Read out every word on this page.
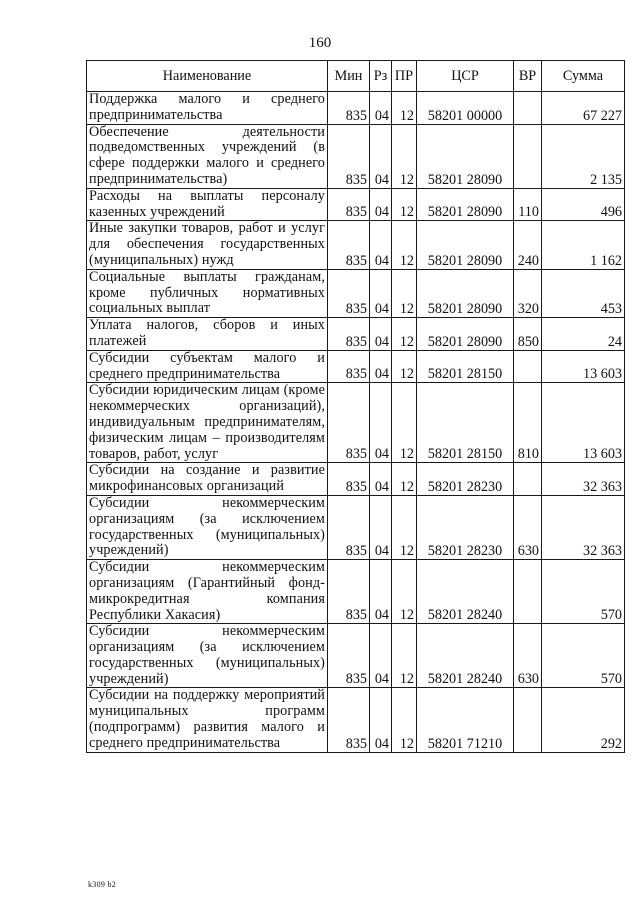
160
Наименование	Мин	Рз	ПР	ЦСР	ВР	Сумма
Поддержка малого и среднего предпринимательства	835	04	12	58201 00000		67 227
Обеспечение деятельности подведомственных учреждений (в сфере поддержки малого и среднего предпринимательства)	835	04	12	58201 28090		2 135
Расходы на выплаты персоналу казенных учреждений	835	04	12	58201 28090	110	496
Иные закупки товаров, работ и услуг для обеспечения государственных (муниципальных) нужд	835	04	12	58201 28090	240	1 162
Социальные выплаты гражданам, кроме публичных нормативных социальных выплат	835	04	12	58201 28090	320	453
Уплата налогов, сборов и иных платежей	835	04	12	58201 28090	850	24
Субсидии субъектам малого и среднего предпринимательства	835	04	12	58201 28150		13 603
Субсидии юридическим лицам (кроме некоммерческих организаций), индивидуальным предпринимателям, физическим лицам – производителям товаров, работ, услуг	835	04	12	58201 28150	810	13 603
Субсидии на создание и развитие микрофинансовых организаций	835	04	12	58201 28230		32 363
Субсидии некоммерческим организациям (за исключением государственных (муниципальных) учреждений)	835	04	12	58201 28230	630	32 363
Субсидии некоммерческим организациям (Гарантийный фонд-микрокредитная компания Республики Хакасия)	835	04	12	58201 28240		570
Субсидии некоммерческим организациям (за исключением государственных (муниципальных) учреждений)	835	04	12	58201 28240	630	570
Субсидии на поддержку мероприятий муниципальных программ (подпрограмм) развития малого и среднего предпринимательства	835	04	12	58201 71210		292
k309 b2
